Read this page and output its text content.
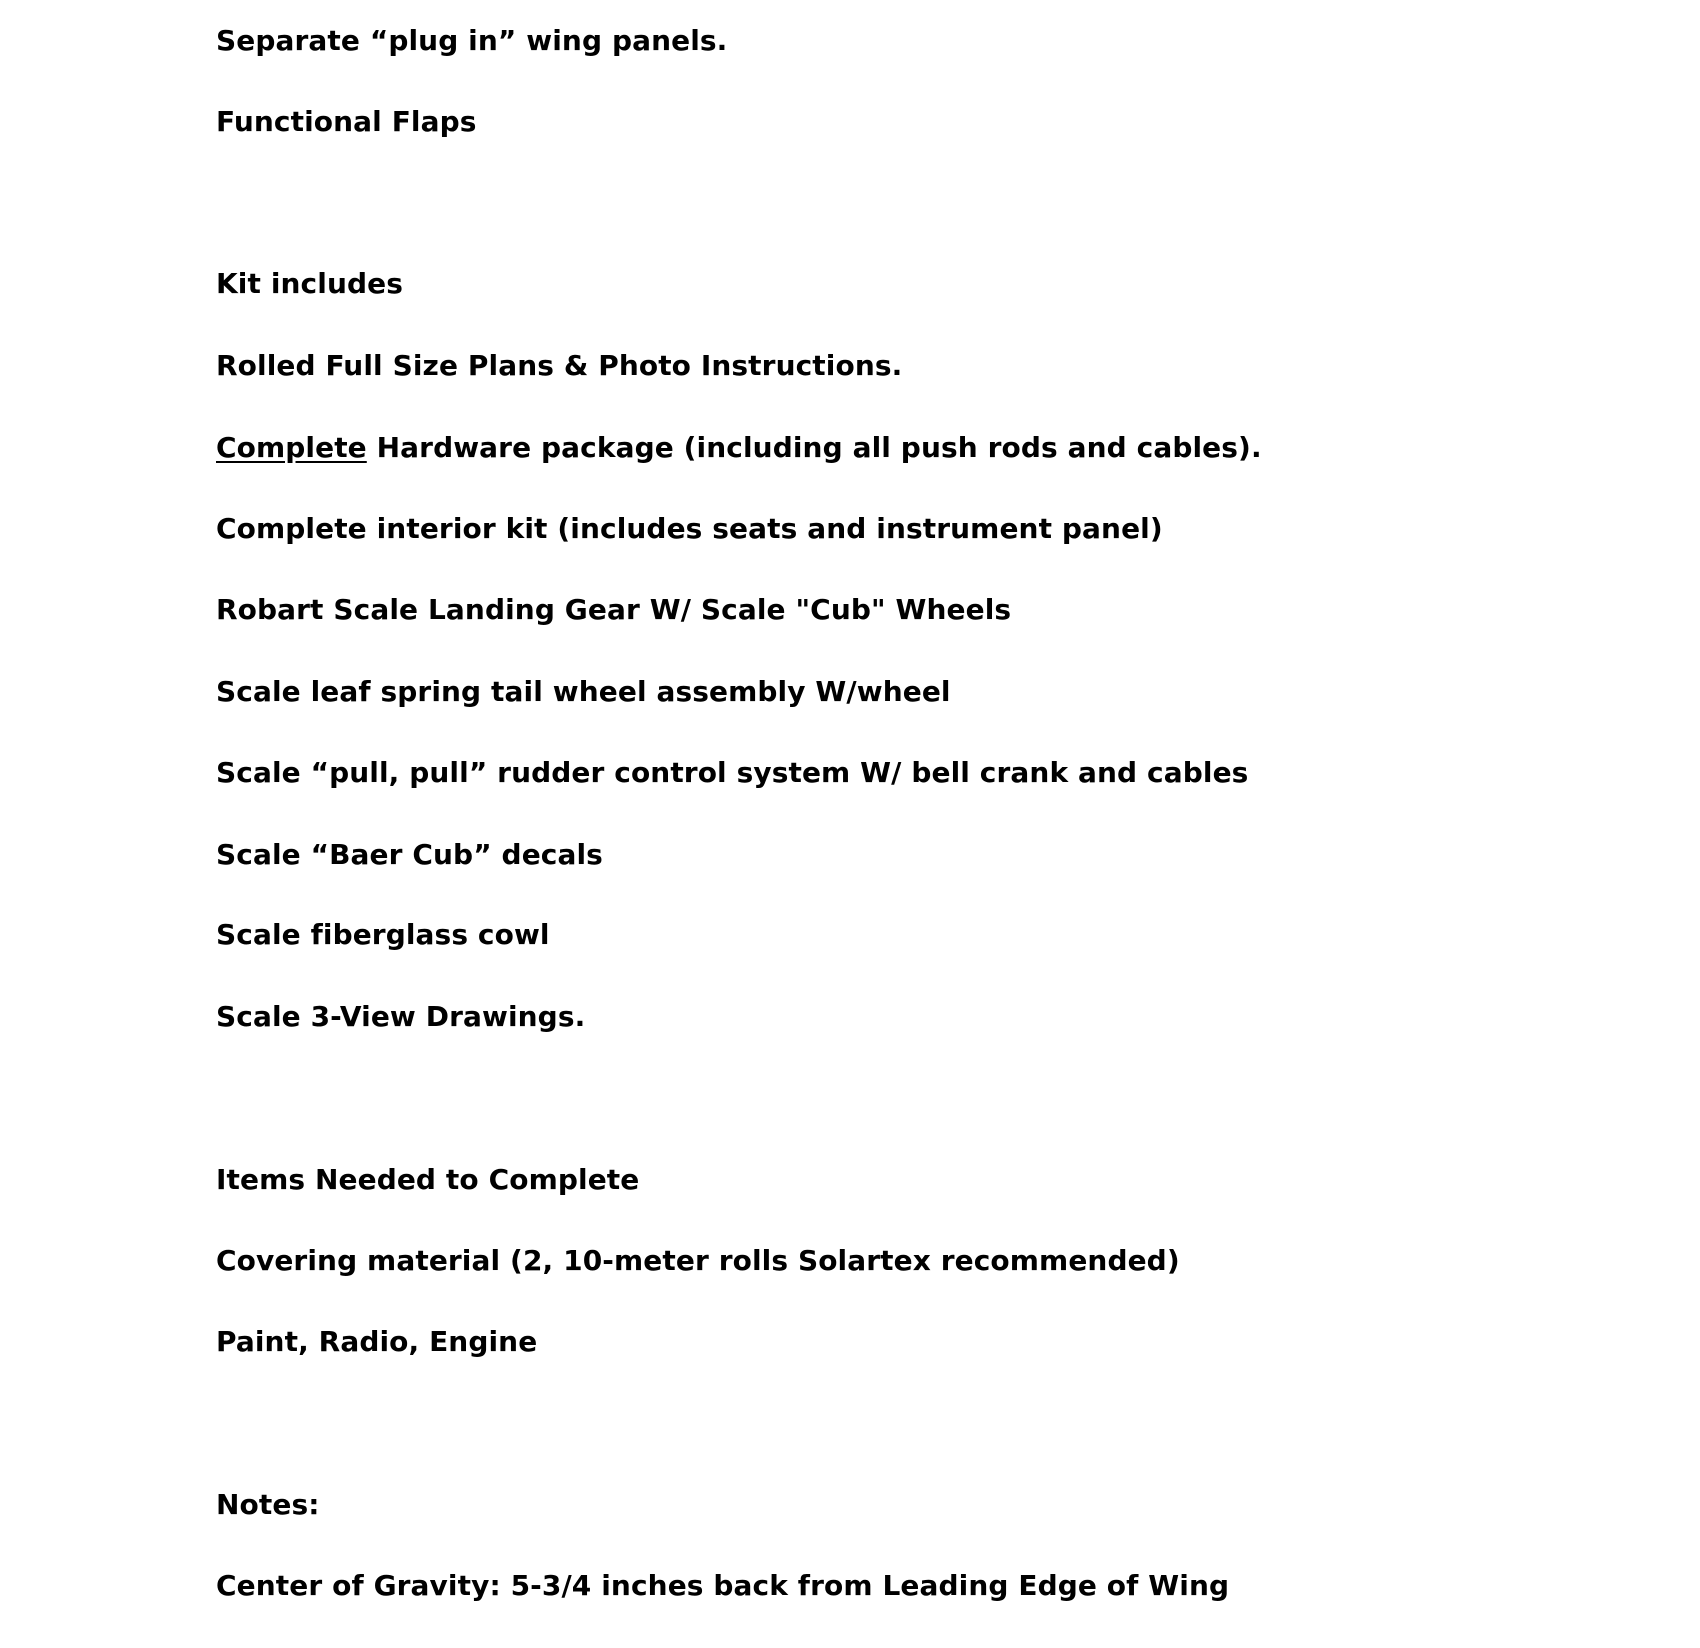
Separate “plug in” wing panels.
Functional Flaps
Kit includes
Rolled Full Size Plans & Photo Instructions.
Complete Hardware package (including all push rods and cables).
Complete interior kit (includes seats and instrument panel)
Robart Scale Landing Gear W/ Scale "Cub" Wheels
Scale leaf spring tail wheel assembly W/wheel
Scale “pull, pull” rudder control system W/ bell crank and cables
Scale “Baer Cub” decals
Scale fiberglass cowl
Scale 3-View Drawings.
Items Needed to Complete
Covering material (2, 10-meter rolls Solartex recommended)
Paint, Radio, Engine
Notes:
Center of Gravity: 5-3/4 inches back from Leading Edge of Wing
